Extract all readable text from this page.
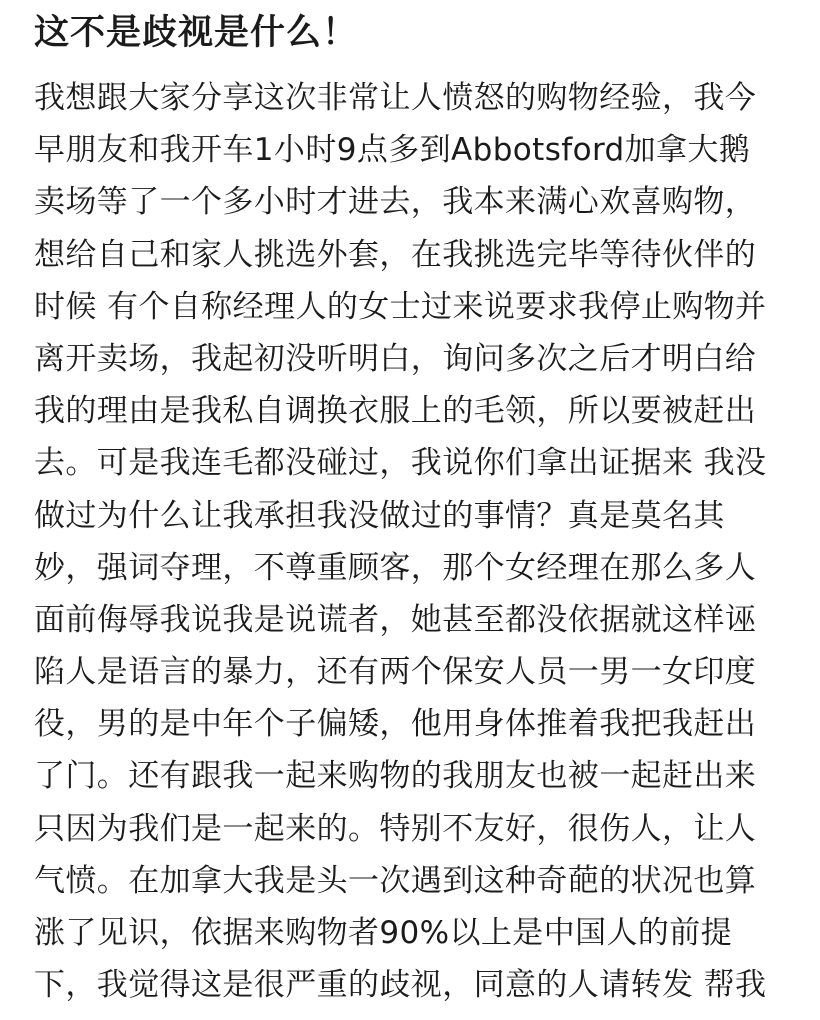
这不是歧视是什么！
我想跟大家分享这次非常让人愤怒的购物经验，我今
早朋友和我开车1小时9点多到Abbotsford加拿大鹅
卖场等了一个多小时才进去，我本来满心欢喜购物，
想给自己和家人挑选外套，在我挑选完毕等待伙伴的
时候 有个自称经理人的女士过来说要求我停止购物并
离开卖场，我起初没听明白，询问多次之后才明白给
我的理由是我私自调换衣服上的毛领，所以要被赶出
去。可是我连毛都没碰过，我说你们拿出证据来 我没
做过为什么让我承担我没做过的事情？真是莫名其
妙，强词夺理，不尊重顾客，那个女经理在那么多人
面前侮辱我说我是说谎者，她甚至都没依据就这样诬
陷人是语言的暴力，还有两个保安人员一男一女印度
役，男的是中年个子偏矮，他用身体推着我把我赶出
了门。还有跟我一起来购物的我朋友也被一起赶出来
只因为我们是一起来的。特别不友好，很伤人，让人
气愤。在加拿大我是头一次遇到这种奇葩的状况也算
涨了见识，依据来购物者90%以上是中国人的前提
下，我觉得这是很严重的歧视，同意的人请转发 帮我
